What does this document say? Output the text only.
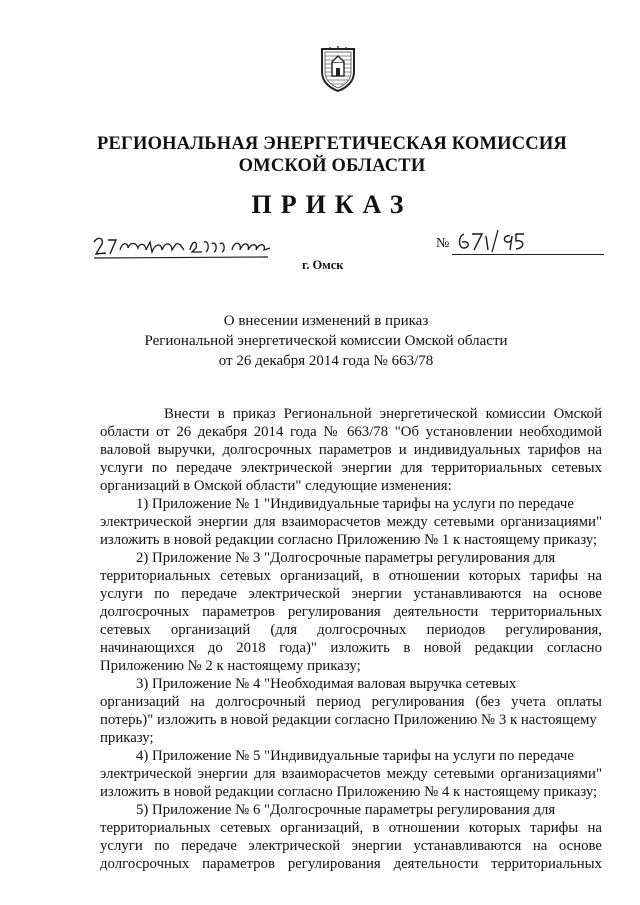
РЕГИОНАЛЬНАЯ ЭНЕРГЕТИЧЕСКАЯ КОМИССИЯ
ОМСКОЙ ОБЛАСТИ
ПРИКАЗ
№
г. Омск
О внесении изменений в приказ
Региональной энергетической комиссии Омской области
от 26 декабря 2014 года № 663/78
Внести в приказ Региональной энергетической комиссии Омской
области от 26 декабря 2014 года № 663/78 "Об установлении необходимой
валовой выручки, долгосрочных параметров и индивидуальных тарифов на
услуги по передаче электрической энергии для территориальных сетевых
организаций в Омской области" следующие изменения:
1) Приложение № 1 "Индивидуальные тарифы на услуги по передаче
электрической энергии для взаиморасчетов между сетевыми организациями"
изложить в новой редакции согласно Приложению № 1 к настоящему приказу;
2) Приложение № 3 "Долгосрочные параметры регулирования для
территориальных сетевых организаций, в отношении которых тарифы на
услуги по передаче электрической энергии устанавливаются на основе
долгосрочных параметров регулирования деятельности территориальных
сетевых организаций (для долгосрочных периодов регулирования,
начинающихся до 2018 года)" изложить в новой редакции согласно
Приложению № 2 к настоящему приказу;
3) Приложение № 4 "Необходимая валовая выручка сетевых
организаций на долгосрочный период регулирования (без учета оплаты
потерь)" изложить в новой редакции согласно Приложению № 3 к настоящему
приказу;
4) Приложение № 5 "Индивидуальные тарифы на услуги по передаче
электрической энергии для взаиморасчетов между сетевыми организациями"
изложить в новой редакции согласно Приложению № 4 к настоящему приказу;
5) Приложение № 6 "Долгосрочные параметры регулирования для
территориальных сетевых организаций, в отношении которых тарифы на
услуги по передаче электрической энергии устанавливаются на основе
долгосрочных параметров регулирования деятельности территориальных
